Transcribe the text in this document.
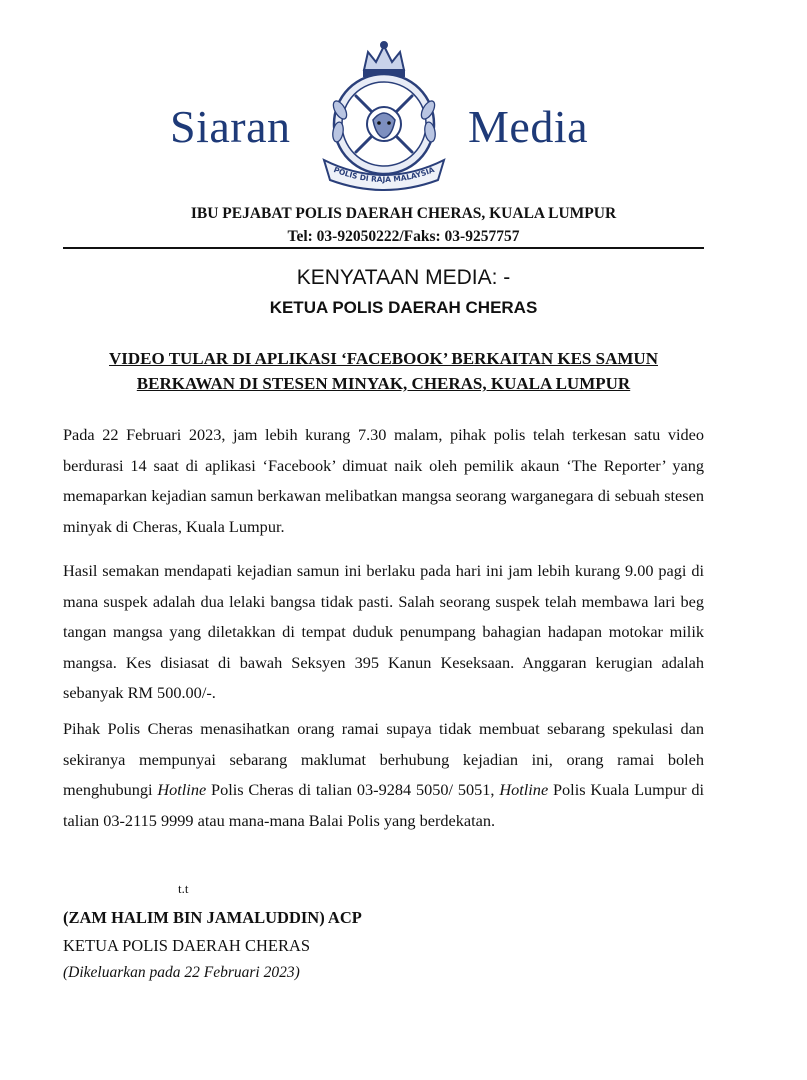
Siaran
POLIS DI RAJA MALAYSIA
Media
IBU PEJABAT POLIS DAERAH CHERAS, KUALA LUMPUR
Tel: 03-92050222/Faks: 03-9257757
KENYATAAN MEDIA: -
KETUA POLIS DAERAH CHERAS
VIDEO TULAR DI APLIKASI ‘FACEBOOK’ BERKAITAN KES SAMUN
BERKAWAN DI STESEN MINYAK, CHERAS, KUALA LUMPUR

Pada 22 Februari 2023, jam lebih kurang 7.30 malam, pihak polis telah terkesan satu video berdurasi 14 saat di aplikasi ‘Facebook’ dimuat naik oleh pemilik akaun ‘The Reporter’ yang memaparkan kejadian samun berkawan melibatkan mangsa seorang warganegara di sebuah stesen minyak di Cheras, Kuala Lumpur.

Hasil semakan mendapati kejadian samun ini berlaku pada hari ini jam lebih kurang 9.00 pagi di mana suspek adalah dua lelaki bangsa tidak pasti. Salah seorang suspek telah membawa lari beg tangan mangsa yang diletakkan di tempat duduk penumpang bahagian hadapan motokar milik mangsa. Kes disiasat di bawah Seksyen 395 Kanun Keseksaan. Anggaran kerugian adalah sebanyak RM 500.00/-.

Pihak Polis Cheras menasihatkan orang ramai supaya tidak membuat sebarang spekulasi dan sekiranya mempunyai sebarang maklumat berhubung kejadian ini, orang ramai boleh menghubungi Hotline Polis Cheras di talian 03-9284 5050/ 5051, Hotline Polis Kuala Lumpur di talian 03-2115 9999 atau mana-mana Balai Polis yang berdekatan.

t.t
(ZAM HALIM BIN JAMALUDDIN) ACP
KETUA POLIS DAERAH CHERAS
(Dikeluarkan pada 22 Februari 2023)
